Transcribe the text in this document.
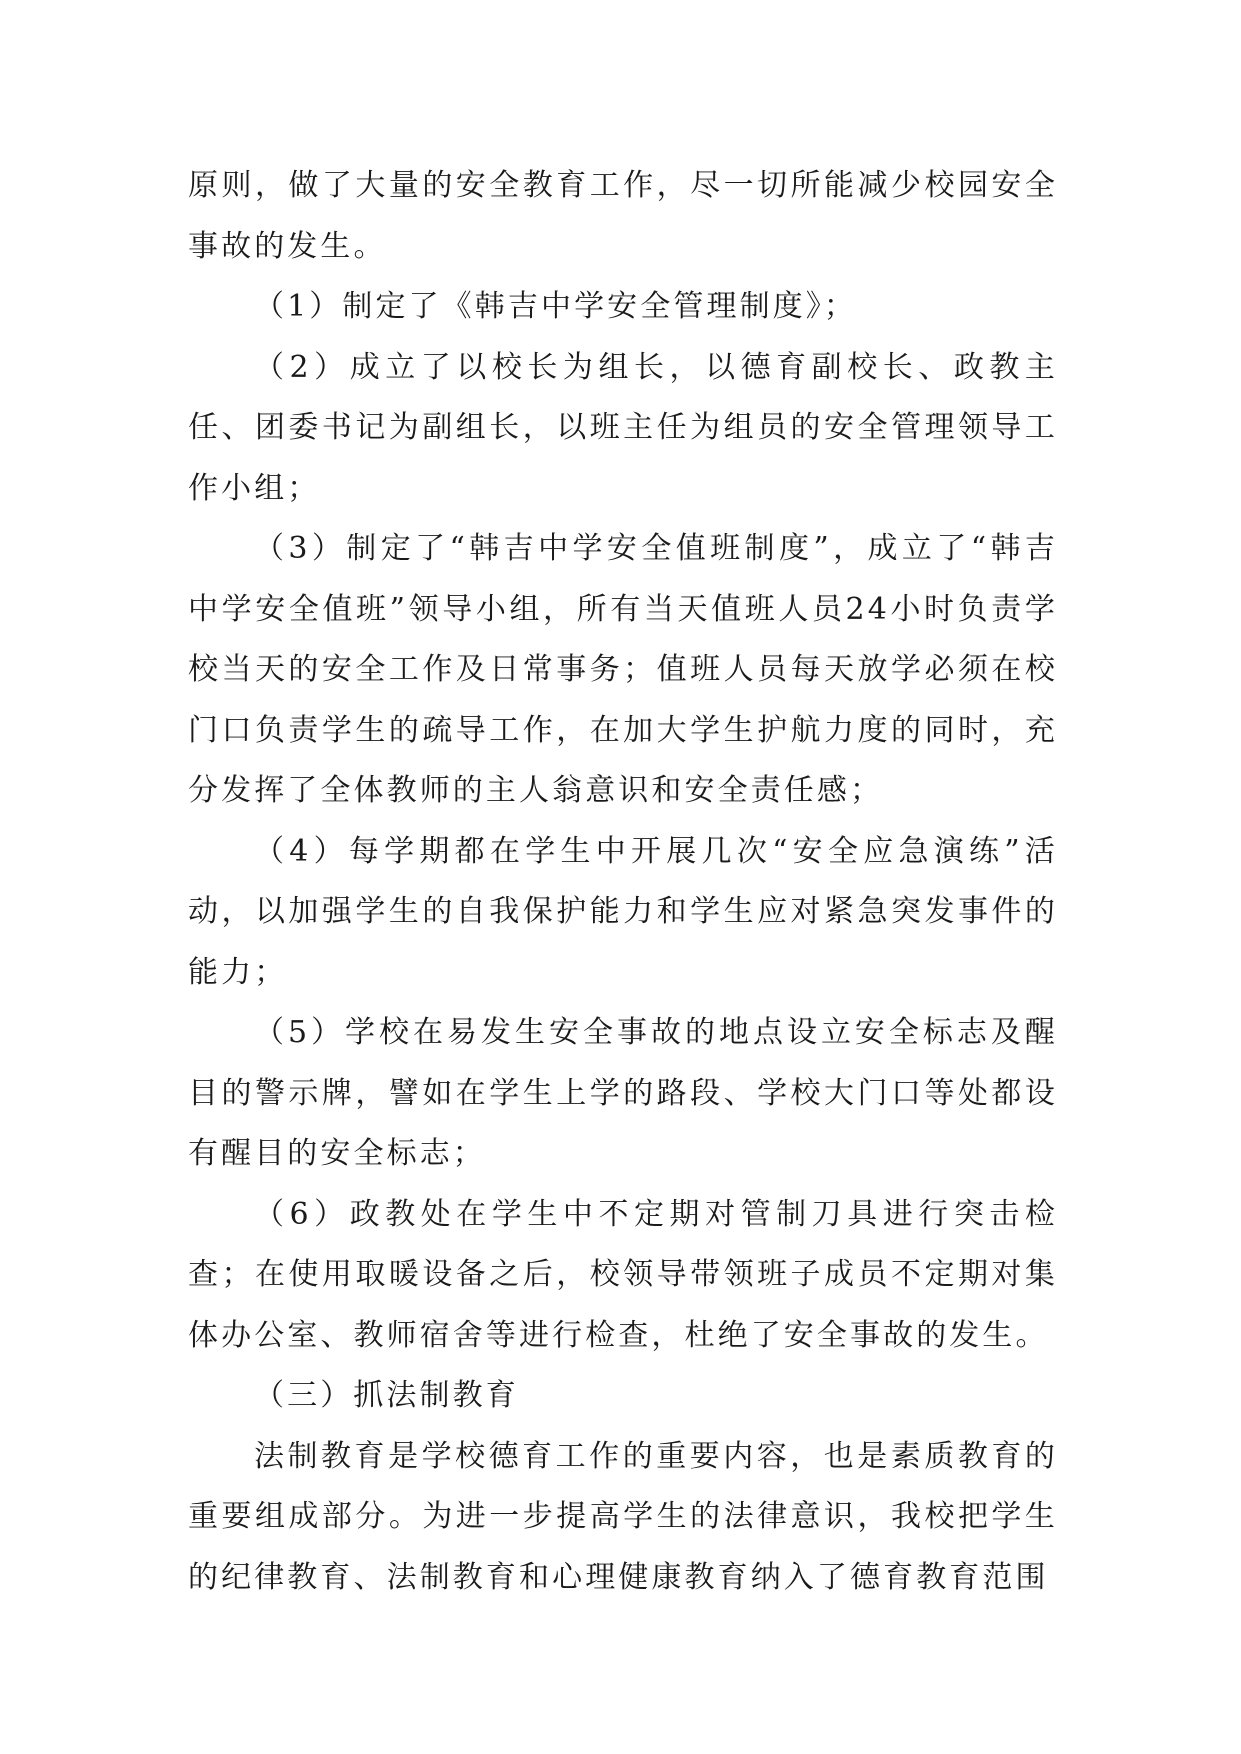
原则，做了大量的安全教育工作，尽一切所能减少校园安全事故的发生。

（1）制定了《韩吉中学安全管理制度》；

（2）成立了以校长为组长，以德育副校长、政教主任、团委书记为副组长，以班主任为组员的安全管理领导工作小组；

（3）制定了“韩吉中学安全值班制度”，成立了“韩吉中学安全值班”领导小组，所有当天值班人员24小时负责学校当天的安全工作及日常事务；值班人员每天放学必须在校门口负责学生的疏导工作，在加大学生护航力度的同时，充分发挥了全体教师的主人翁意识和安全责任感；

（4）每学期都在学生中开展几次“安全应急演练”活动，以加强学生的自我保护能力和学生应对紧急突发事件的能力；

（5）学校在易发生安全事故的地点设立安全标志及醒目的警示牌，譬如在学生上学的路段、学校大门口等处都设有醒目的安全标志；

（6）政教处在学生中不定期对管制刀具进行突击检查；在使用取暖设备之后，校领导带领班子成员不定期对集体办公室、教师宿舍等进行检查，杜绝了安全事故的发生。

（三）抓法制教育

法制教育是学校德育工作的重要内容，也是素质教育的重要组成部分。为进一步提高学生的法律意识，我校把学生的纪律教育、法制教育和心理健康教育纳入了德育教育范围
